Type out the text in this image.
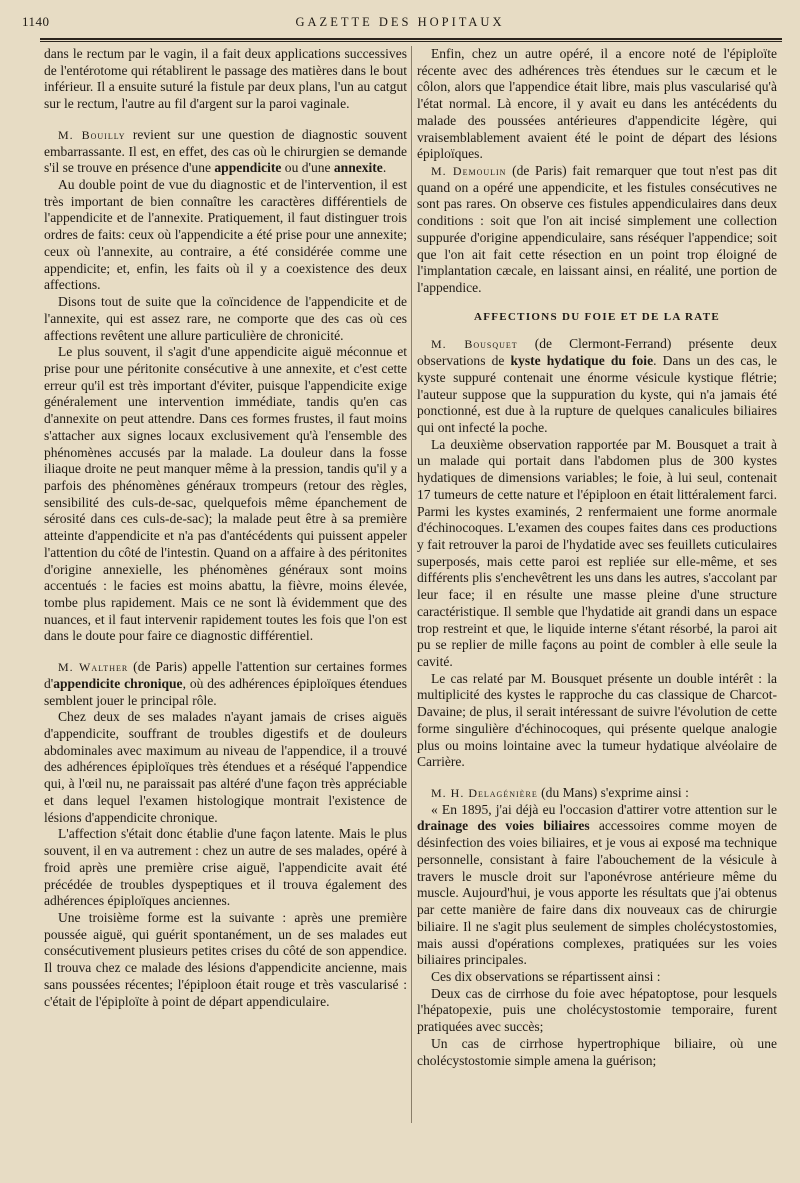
1140	GAZETTE DES HOPITAUX

dans le rectum par le vagin, il a fait deux applications successives de l'entérotome qui rétablirent le passage des matières dans le bout inférieur. Il a ensuite suturé la fistule par deux plans, l'un au catgut sur le rectum, l'autre au fil d'argent sur la paroi vaginale.

M. Bouilly revient sur une question de diagnostic souvent embarrassante. Il est, en effet, des cas où le chirurgien se demande s'il se trouve en présence d'une appendicite ou d'une annexite.

Au double point de vue du diagnostic et de l'intervention, il est très important de bien connaître les caractères différentiels de l'appendicite et de l'annexite. Pratiquement, il faut distinguer trois ordres de faits: ceux où l'appendicite a été prise pour une annexite; ceux où l'annexite, au contraire, a été considérée comme une appendicite; et, enfin, les faits où il y a coexistence des deux affections.

Disons tout de suite que la coïncidence de l'appendicite et de l'annexite, qui est assez rare, ne comporte que des cas où ces affections revêtent une allure particulière de chronicité.

Le plus souvent, il s'agit d'une appendicite aiguë méconnue et prise pour une péritonite consécutive à une annexite, et c'est cette erreur qu'il est très important d'éviter, puisque l'appendicite exige généralement une intervention immédiate, tandis qu'en cas d'annexite on peut attendre. Dans ces formes frustes, il faut moins s'attacher aux signes locaux exclusivement qu'à l'ensemble des phénomènes accusés par la malade. La douleur dans la fosse iliaque droite ne peut manquer même à la pression, tandis qu'il y a parfois des phénomènes généraux trompeurs (retour des règles, sensibilité des culs-de-sac, quelquefois même épanchement de sérosité dans ces culs-de-sac); la malade peut être à sa première atteinte d'appendicite et n'a pas d'antécédents qui puissent appeler l'attention du côté de l'intestin. Quand on a affaire à des péritonites d'origine annexielle, les phénomènes généraux sont moins accentués : le facies est moins abattu, la fièvre, moins élevée, tombe plus rapidement. Mais ce ne sont là évidemment que des nuances, et il faut intervenir rapidement toutes les fois que l'on est dans le doute pour faire ce diagnostic différentiel.

M. Walther (de Paris) appelle l'attention sur certaines formes d'appendicite chronique, où des adhérences épiploïques étendues semblent jouer le principal rôle.

Chez deux de ses malades n'ayant jamais de crises aiguës d'appendicite, souffrant de troubles digestifs et de douleurs abdominales avec maximum au niveau de l'appendice, il a trouvé des adhérences épiploïques très étendues et a réséqué l'appendice qui, à l'œil nu, ne paraissait pas altéré d'une façon très appréciable et dans lequel l'examen histologique montrait l'existence de lésions d'appendicite chronique.

L'affection s'était donc établie d'une façon latente. Mais le plus souvent, il en va autrement : chez un autre de ses malades, opéré à froid après une première crise aiguë, l'appendicite avait été précédée de troubles dyspeptiques et il trouva également des adhérences épiploïques anciennes.

Une troisième forme est la suivante : après une première poussée aiguë, qui guérit spontanément, un de ses malades eut consécutivement plusieurs petites crises du côté de son appendice. Il trouva chez ce malade des lésions d'appendicite ancienne, mais sans poussées récentes; l'épiploon était rouge et très vascularisé : c'était de l'épiploïte à point de départ appendiculaire.

Enfin, chez un autre opéré, il a encore noté de l'épiploïte récente avec des adhérences très étendues sur le cæcum et le côlon, alors que l'appendice était libre, mais plus vascularisé qu'à l'état normal. Là encore, il y avait eu dans les antécédents du malade des poussées antérieures d'appendicite légère, qui vraisemblablement avaient été le point de départ des lésions épiploïques.

M. Demoulin (de Paris) fait remarquer que tout n'est pas dit quand on a opéré une appendicite, et les fistules consécutives ne sont pas rares. On observe ces fistules appendiculaires dans deux conditions : soit que l'on ait incisé simplement une collection suppurée d'origine appendiculaire, sans réséquer l'appendice; soit que l'on ait fait cette résection en un point trop éloigné de l'implantation cæcale, en laissant ainsi, en réalité, une portion de l'appendice.

AFFECTIONS DU FOIE ET DE LA RATE

M. Bousquet (de Clermont-Ferrand) présente deux observations de kyste hydatique du foie. Dans un des cas, le kyste suppuré contenait une énorme vésicule kystique flétrie; l'auteur suppose que la suppuration du kyste, qui n'a jamais été ponctionné, est due à la rupture de quelques canalicules biliaires qui ont infecté la poche.

La deuxième observation rapportée par M. Bousquet a trait à un malade qui portait dans l'abdomen plus de 300 kystes hydatiques de dimensions variables; le foie, à lui seul, contenait 17 tumeurs de cette nature et l'épiploon en était littéralement farci. Parmi les kystes examinés, 2 renfermaient une forme anormale d'échinocoques. L'examen des coupes faites dans ces productions y fait retrouver la paroi de l'hydatide avec ses feuillets cuticulaires superposés, mais cette paroi est repliée sur elle-même, et ses différents plis s'enchevêtrent les uns dans les autres, s'accolant par leur face; il en résulte une masse pleine d'une structure caractéristique. Il semble que l'hydatide ait grandi dans un espace trop restreint et que, le liquide interne s'étant résorbé, la paroi ait pu se replier de mille façons au point de combler à elle seule la cavité.

Le cas relaté par M. Bousquet présente un double intérêt : la multiplicité des kystes le rapproche du cas classique de Charcot-Davaine; de plus, il serait intéressant de suivre l'évolution de cette forme singulière d'échinocoques, qui présente quelque analogie plus ou moins lointaine avec la tumeur hydatique alvéolaire de Carrière.

M. H. Delagénière (du Mans) s'exprime ainsi :

« En 1895, j'ai déjà eu l'occasion d'attirer votre attention sur le drainage des voies biliaires accessoires comme moyen de désinfection des voies biliaires, et je vous ai exposé ma technique personnelle, consistant à faire l'abouchement de la vésicule à travers le muscle droit sur l'aponévrose antérieure même du muscle. Aujourd'hui, je vous apporte les résultats que j'ai obtenus par cette manière de faire dans dix nouveaux cas de chirurgie biliaire. Il ne s'agit plus seulement de simples cholécystostomies, mais aussi d'opérations complexes, pratiquées sur les voies biliaires principales.

Ces dix observations se répartissent ainsi :

Deux cas de cirrhose du foie avec hépatoptose, pour lesquels l'hépatopexie, puis une cholécystostomie temporaire, furent pratiquées avec succès;

Un cas de cirrhose hypertrophique biliaire, où une cholécystostomie simple amena la guérison;
